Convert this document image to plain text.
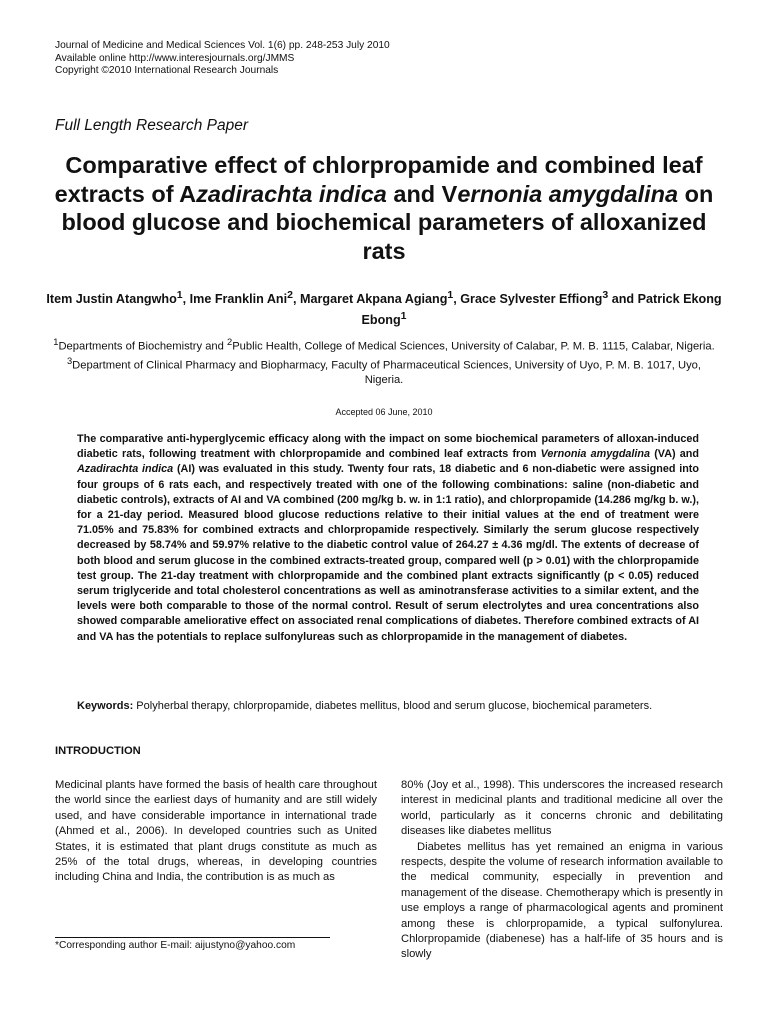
Journal of Medicine and Medical Sciences Vol. 1(6) pp. 248-253 July 2010
Available online http://www.interesjournals.org/JMMS
Copyright ©2010 International Research Journals
Full Length Research Paper
Comparative effect of chlorpropamide and combined leaf extracts of Azadirachta indica and Vernonia amygdalina on blood glucose and biochemical parameters of alloxanized rats
Item Justin Atangwho$^1$, Ime Franklin Ani$^2$, Margaret Akpana Agiang$^1$, Grace Sylvester Effiong$^3$ and Patrick Ekong Ebong$^1$
$^1$Departments of Biochemistry and $^2$Public Health, College of Medical Sciences, University of Calabar, P. M. B. 1115, Calabar, Nigeria.
$^3$Department of Clinical Pharmacy and Biopharmacy, Faculty of Pharmaceutical Sciences, University of Uyo, P. M. B. 1017, Uyo, Nigeria.
Accepted 06 June, 2010

The comparative anti-hyperglycemic efficacy along with the impact on some biochemical parameters of alloxan-induced diabetic rats, following treatment with chlorpropamide and combined leaf extracts from Vernonia amygdalina (VA) and Azadirachta indica (AI) was evaluated in this study. Twenty four rats, 18 diabetic and 6 non-diabetic were assigned into four groups of 6 rats each, and respectively treated with one of the following combinations: saline (non-diabetic and diabetic controls), extracts of AI and VA combined (200 mg/kg b. w. in 1:1 ratio), and chlorpropamide (14.286 mg/kg b. w.), for a 21-day period. Measured blood glucose reductions relative to their initial values at the end of treatment were 71.05% and 75.83% for combined extracts and chlorpropamide respectively. Similarly the serum glucose respectively decreased by 58.74% and 59.97% relative to the diabetic control value of 264.27 ± 4.36 mg/dl. The extents of decrease of both blood and serum glucose in the combined extracts-treated group, compared well (p > 0.01) with the chlorpropamide test group. The 21-day treatment with chlorpropamide and the combined plant extracts significantly (p < 0.05) reduced serum triglyceride and total cholesterol concentrations as well as aminotransferase activities to a similar extent, and the levels were both comparable to those of the normal control. Result of serum electrolytes and urea concentrations also showed comparable ameliorative effect on associated renal complications of diabetes. Therefore combined extracts of AI and VA has the potentials to replace sulfonylureas such as chlorpropamide in the management of diabetes.

Keywords: Polyherbal therapy, chlorpropamide, diabetes mellitus, blood and serum glucose, biochemical parameters.

INTRODUCTION

Medicinal plants have formed the basis of health care throughout the world since the earliest days of humanity and are still widely used, and have considerable importance in international trade (Ahmed et al., 2006). In developed countries such as United States, it is estimated that plant drugs constitute as much as 25% of the total drugs, whereas, in developing countries including China and India, the contribution is as much as

80% (Joy et al., 1998). This underscores the increased research interest in medicinal plants and traditional medicine all over the world, particularly as it concerns chronic and debilitating diseases like diabetes mellitus

Diabetes mellitus has yet remained an enigma in various respects, despite the volume of research information available to the medical community, especially in prevention and management of the disease. Chemotherapy which is presently in use employs a range of pharmacological agents and prominent among these is chlorpropamide, a typical sulfonylurea. Chlorpropamide (diabenese) has a half-life of 35 hours and is slowly

*Corresponding author E-mail: aijustyno@yahoo.com
